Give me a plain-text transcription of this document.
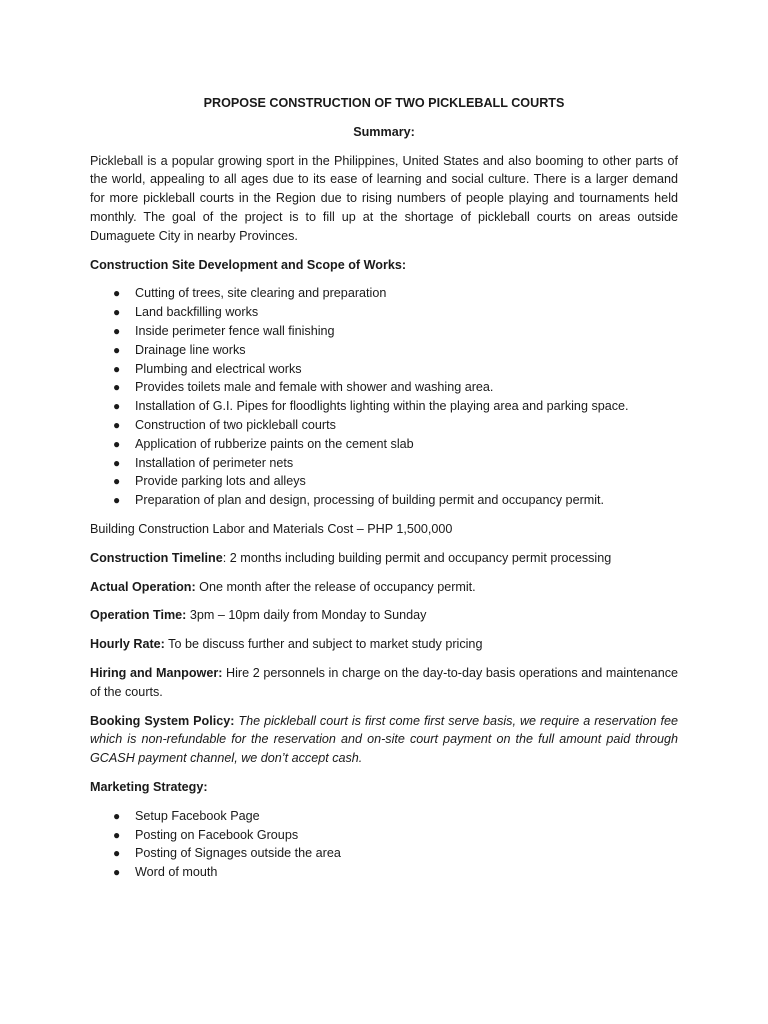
PROPOSE CONSTRUCTION OF TWO PICKLEBALL COURTS
Summary:

Pickleball is a popular growing sport in the Philippines, United States and also booming to other parts of the world, appealing to all ages due to its ease of learning and social culture. There is a larger demand for more pickleball courts in the Region due to rising numbers of people playing and tournaments held monthly. The goal of the project is to fill up at the shortage of pickleball courts on areas outside Dumaguete City in nearby Provinces.

Construction Site Development and Scope of Works:
● Cutting of trees, site clearing and preparation
● Land backfilling works
● Inside perimeter fence wall finishing
● Drainage line works
● Plumbing and electrical works
● Provides toilets male and female with shower and washing area.
● Installation of G.I. Pipes for floodlights lighting within the playing area and parking space.
● Construction of two pickleball courts
● Application of rubberize paints on the cement slab
● Installation of perimeter nets
● Provide parking lots and alleys
● Preparation of plan and design, processing of building permit and occupancy permit.

Building Construction Labor and Materials Cost – PHP 1,500,000

Construction Timeline: 2 months including building permit and occupancy permit processing

Actual Operation: One month after the release of occupancy permit.

Operation Time: 3pm – 10pm daily from Monday to Sunday

Hourly Rate: To be discuss further and subject to market study pricing

Hiring and Manpower: Hire 2 personnels in charge on the day-to-day basis operations and maintenance of the courts.

Booking System Policy: The pickleball court is first come first serve basis, we require a reservation fee which is non-refundable for the reservation and on-site court payment on the full amount paid through GCASH payment channel, we don’t accept cash.

Marketing Strategy:
● Setup Facebook Page
● Posting on Facebook Groups
● Posting of Signages outside the area
● Word of mouth
